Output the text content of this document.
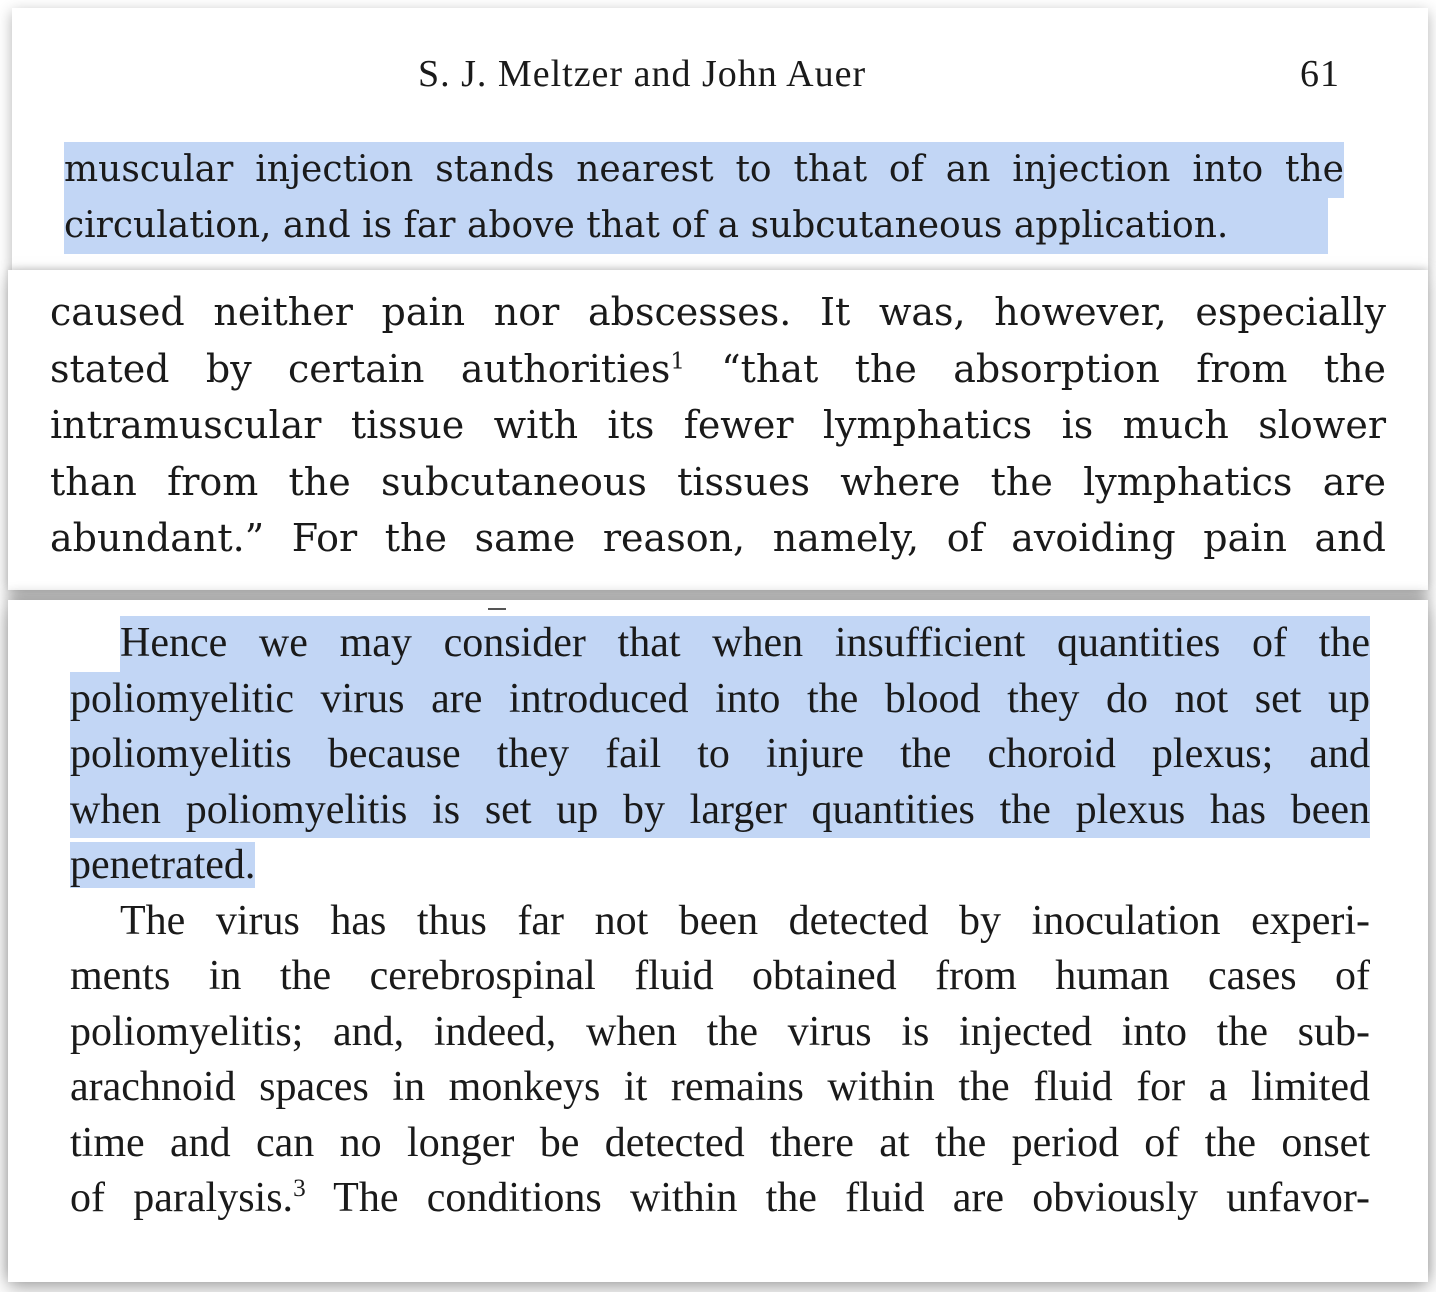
S. J. Meltzer and John Auer	61
muscular injection stands nearest to that of an injection into the
circulation, and is far above that of a subcutaneous application.
caused neither pain nor abscesses. It was, however, especially
stated by certain authorities$^1$ “that the absorption from the
intramuscular tissue with its fewer lymphatics is much slower
than from the subcutaneous tissues where the lymphatics are
abundant.” For the same reason, namely, of avoiding pain and
Hence we may consider that when insufficient quantities of the
poliomyelitic virus are introduced into the blood they do not set up
poliomyelitis because they fail to injure the choroid plexus; and
when poliomyelitis is set up by larger quantities the plexus has been
penetrated.
The virus has thus far not been detected by inoculation experi-
ments in the cerebrospinal fluid obtained from human cases of
poliomyelitis; and, indeed, when the virus is injected into the sub-
arachnoid spaces in monkeys it remains within the fluid for a limited
time and can no longer be detected there at the period of the onset
of paralysis.$^3$ The conditions within the fluid are obviously unfavor-
